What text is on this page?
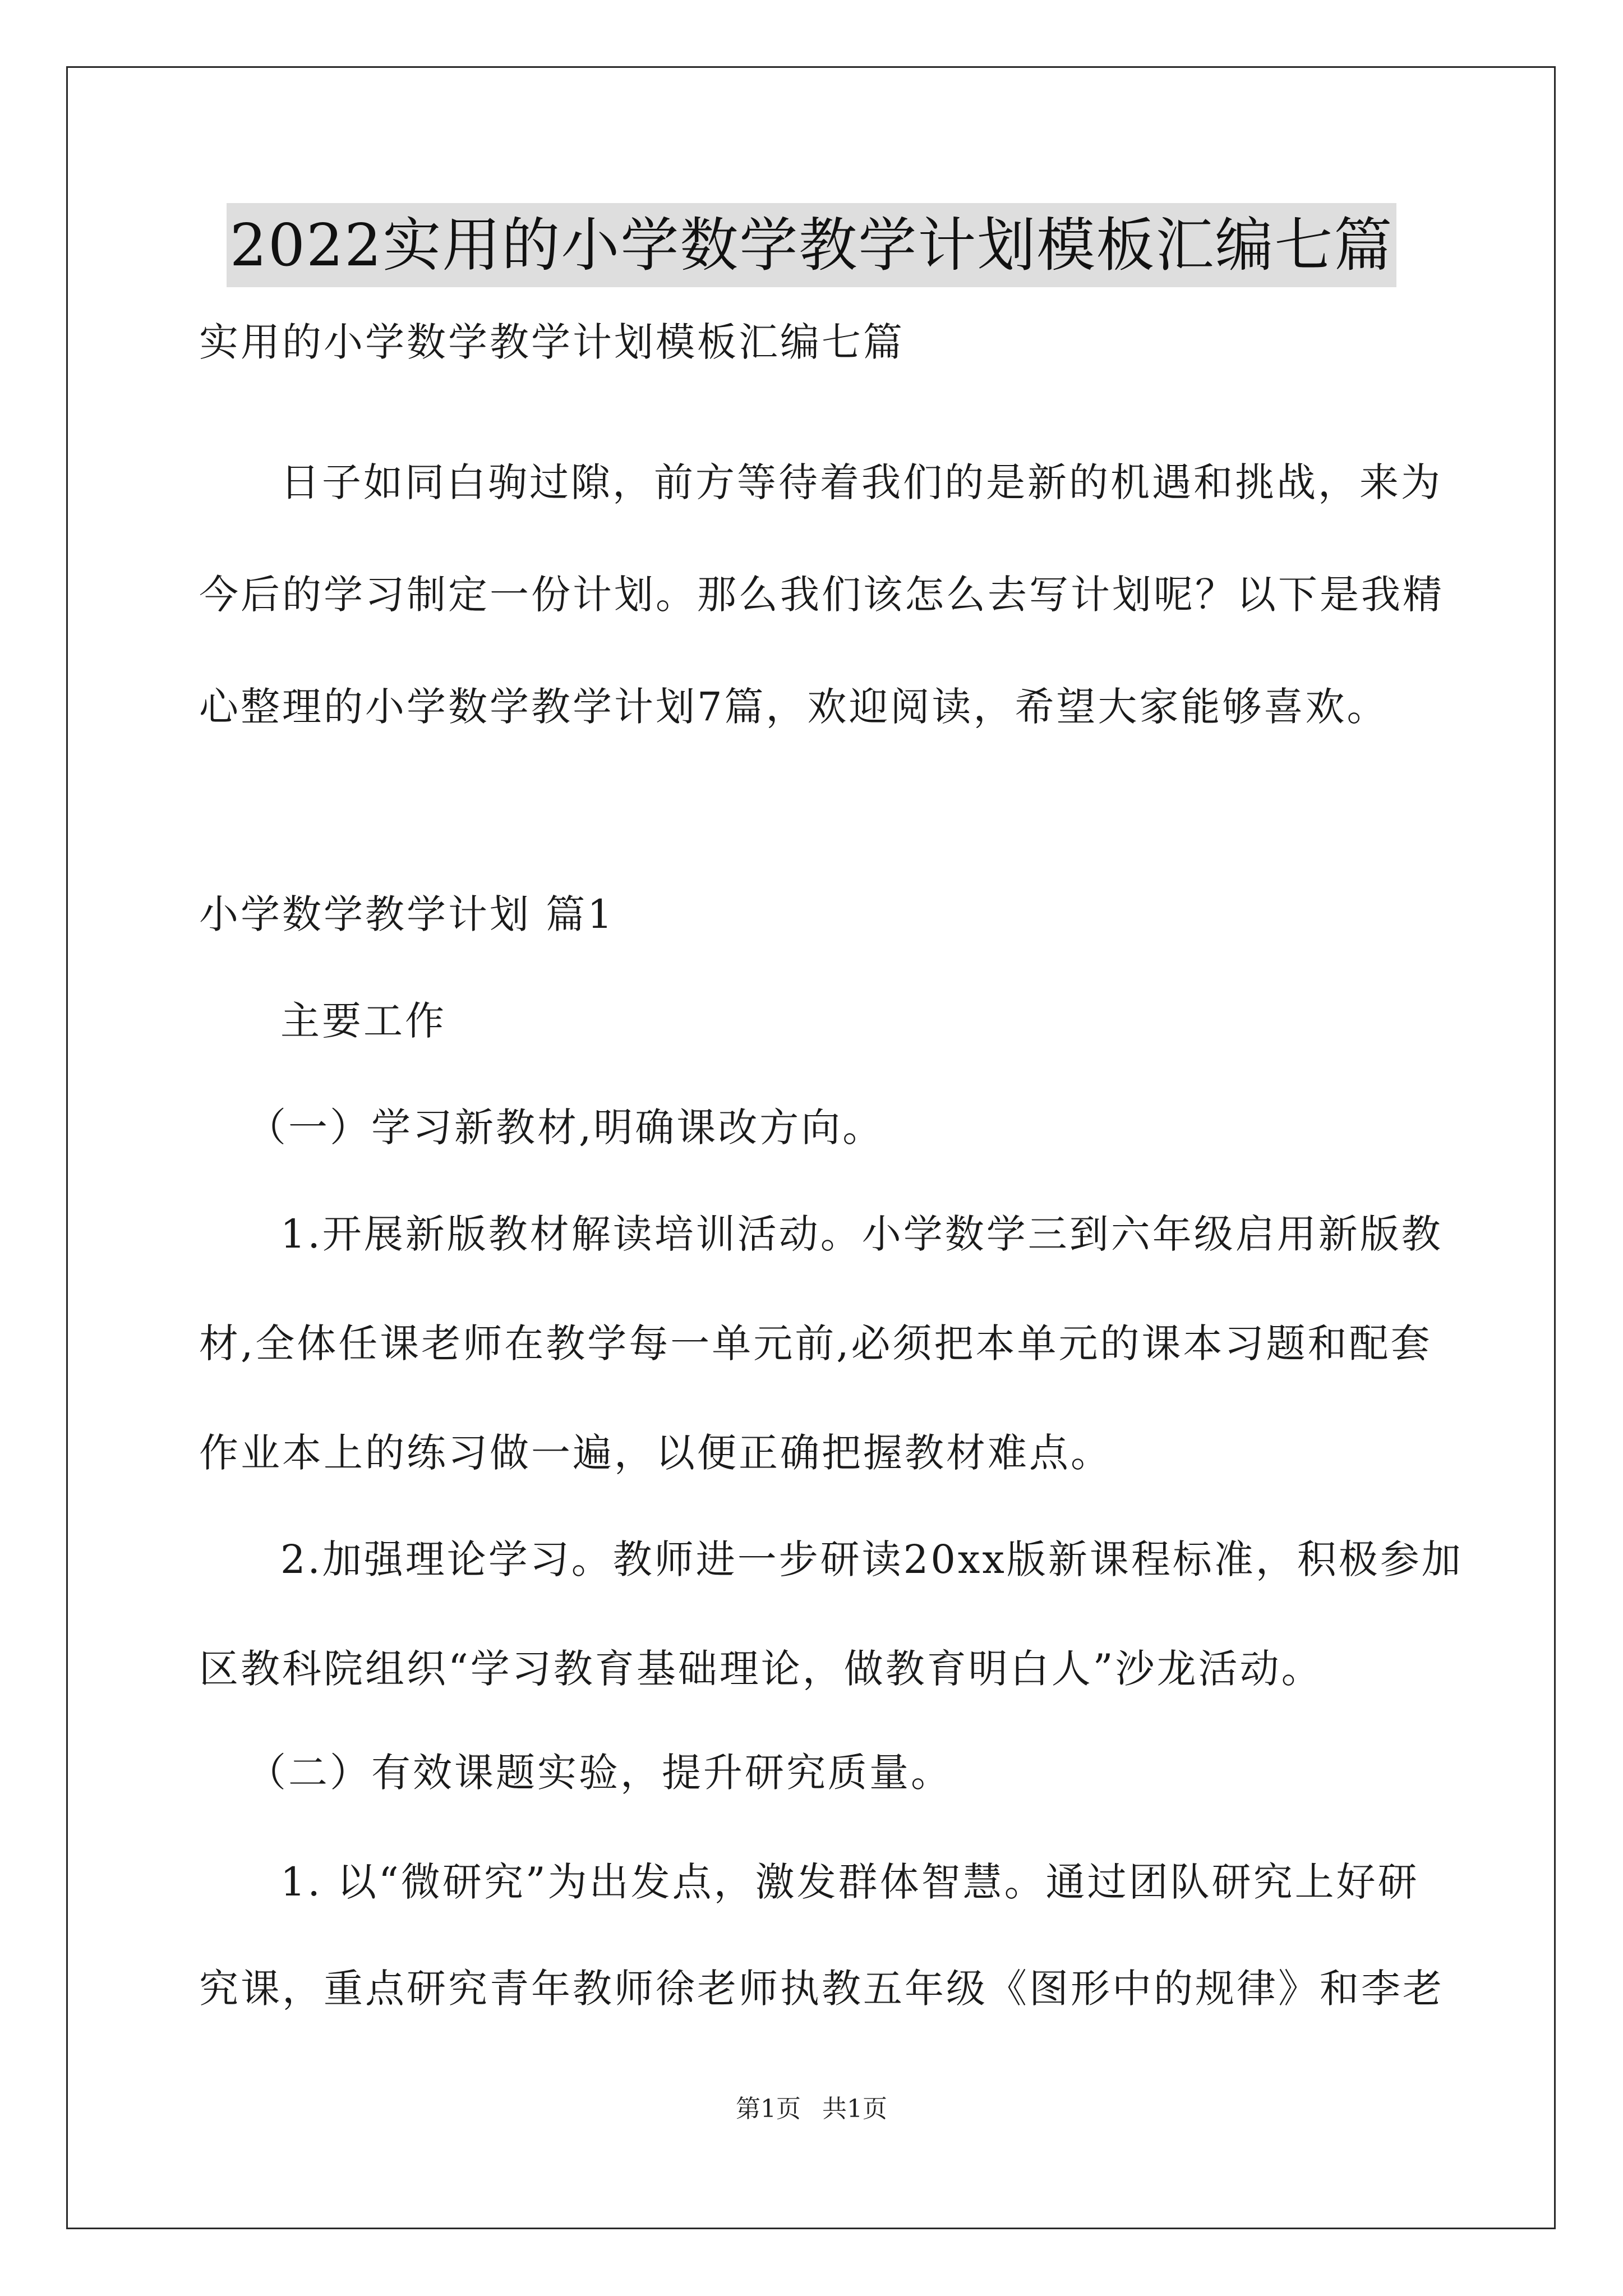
2022实用的小学数学教学计划模板汇编七篇

实用的小学数学教学计划模板汇编七篇

日子如同白驹过隙，前方等待着我们的是新的机遇和挑战，来为

今后的学习制定一份计划。那么我们该怎么去写计划呢？以下是我精

心整理的小学数学教学计划7篇，欢迎阅读，希望大家能够喜欢。

小学数学教学计划 篇1

主要工作

（一）学习新教材,明确课改方向。

1.开展新版教材解读培训活动。小学数学三到六年级启用新版教

材,全体任课老师在教学每一单元前,必须把本单元的课本习题和配套

作业本上的练习做一遍，以便正确把握教材难点。

2.加强理论学习。教师进一步研读20xx版新课程标准，积极参加

区教科院组织“学习教育基础理论，做教育明白人”沙龙活动。

（二）有效课题实验，提升研究质量。

1. 以“微研究”为出发点，激发群体智慧。通过团队研究上好研

究课，重点研究青年教师徐老师执教五年级《图形中的规律》和李老

第1页 共1页
